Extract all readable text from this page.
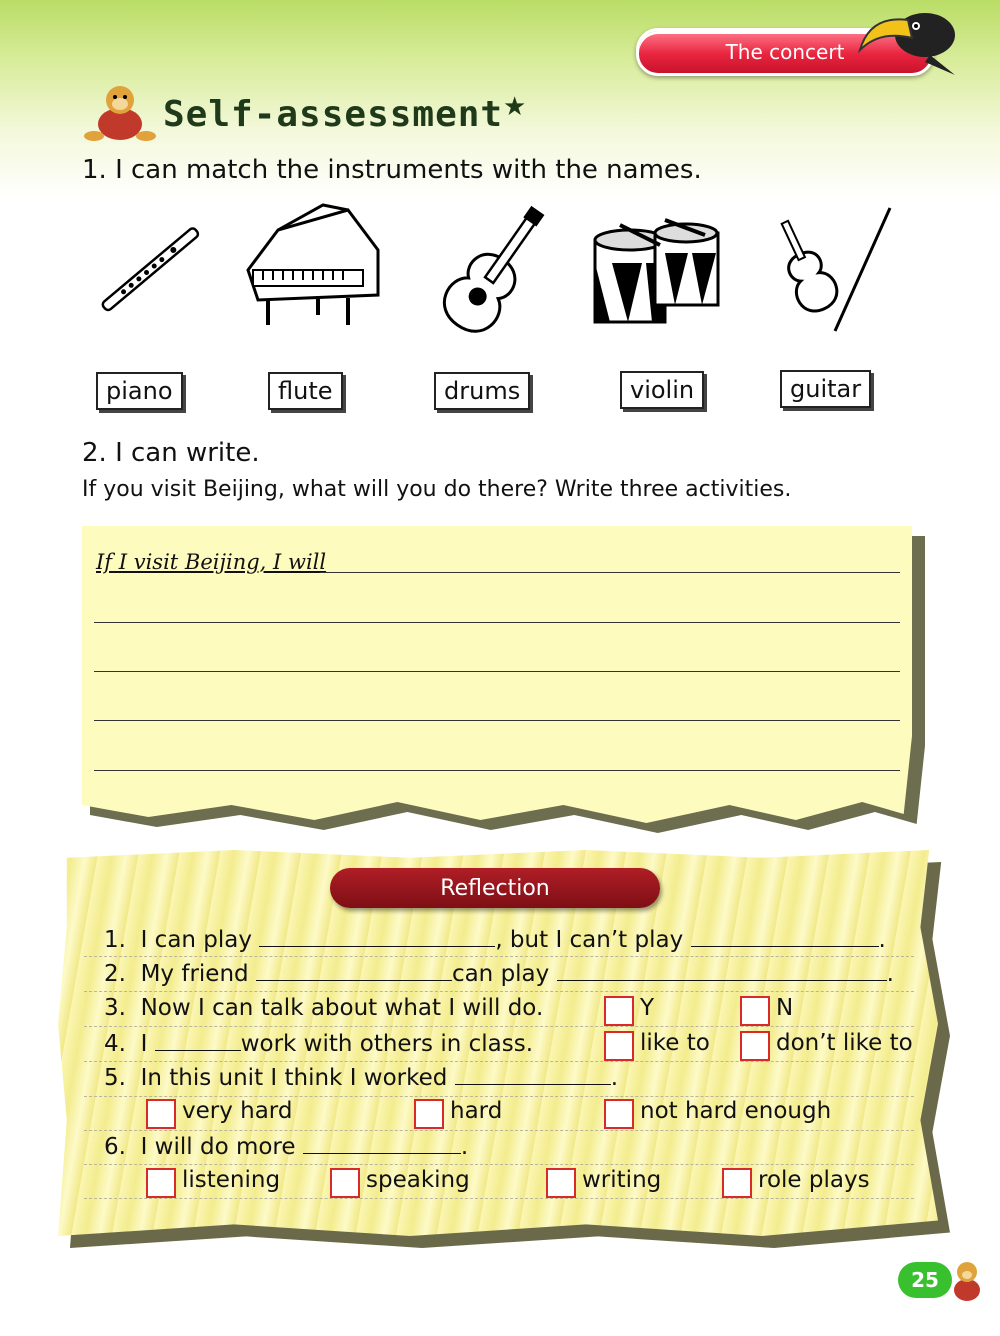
The concert
Self-assessment ★
1. I can match the instruments with the names.
piano	flute	drums	violin	guitar
2. I can write.
If you visit Beijing, what will you do there? Write three activities.
If I visit Beijing, I will
Reflection
1. I can play	, but I can’t play	.
2. My friend	can play	.
3. Now I can talk about what I will do.	Y	N
4. I	work with others in class.	like to	don’t like to
5. In this unit I think I worked	.
very hard	hard	not hard enough
6. I will do more	.
listening	speaking	writing	role plays
25
